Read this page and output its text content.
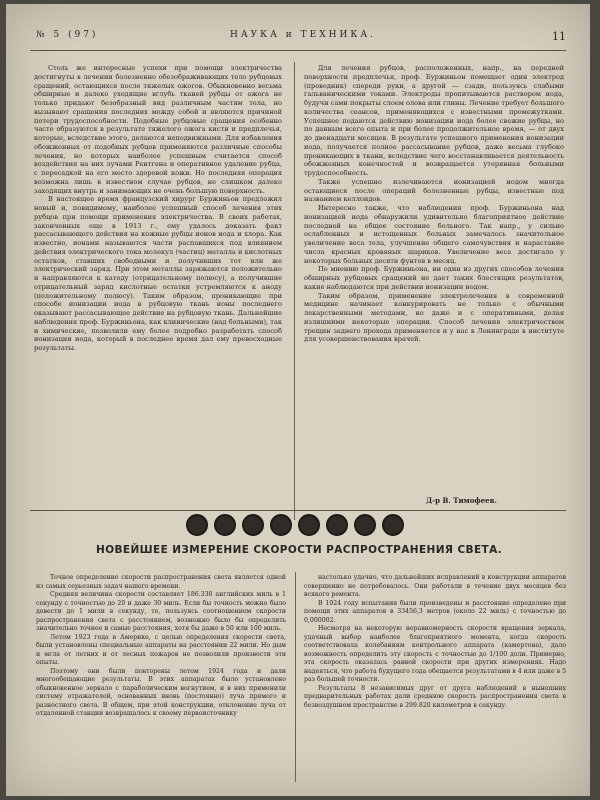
№ 5 (97)	НАУКА и ТЕХНИКА.	11

Столь же интересные успехи при помощи электричества достигнуты в лечении болезненно обезображивающих тело рубцовых сращений, остающихся после тяжелых ожогов. Обыкновенно весьма обширные и далеко уходящие вглубь тканей рубцы от ожога не только придают безобразный вид различным частям тела, но вызывают сращения последних между собой и являются причиной потери трудоспособности. Подобные рубцовые сращения особенно часто образуются в результате тяжелого ожога кисти и предплечья, которые, вследствие этого, делаются неподвижными. Для избавления обожженных от подобных рубцов применяются различные способы лечения, но которых наиболее успешным считается способ воздействия на них лучами Рентгена и оперативное удаление рубца, с пересадкой на его место здоровой кожи. Но последняя операция возможна лишь в известном случае рубцов, не слишком далеко заходящих внутрь и занимающих не очень большую поверхность.

В настоящее время французский хирург Буржиньон предложил новый и, повидимому, наиболее успешный способ лечения этих рубцов при помощи применения электричества. В своих работах, законченных еще в 1913 г., ему удалось доказать факт рассасывающего действия на кожные рубцы ионов иода и хлора. Как известно, ионами называются части распавшихся под влиянием действия электрического тока молекул (частиц) металла и кислотных остатков, ставших свободными и получивших тот или же электрический заряд. При этом металлы заряжаются положительно и направляются к катоду (отрицательному полюсу), а получившие отрицательный заряд кислотные остатки устремляются к аноду (положительному полюсу). Таким образом, проникающие при способе ионизации иода в рубцовую ткань ионы последнего оказывают рассасывающее действие на рубцовую ткань. Дальнейшие наблюдения проф. Буржиньона, как клинические (над больными), так и химические, позволили ему более подробно разработать способ ионизации иода, который в последнее время дал ему превосходные результаты.

Для лечения рубцов, расположенных, напр., на передней поверхности предплечья, проф. Буржиньон помещает один электрод (проводник) спереди руки, а другой — сзади, пользуясь слабыми гальваническими токами. Электроды пропитываются раствором иода, будучи сами покрыты слоем олова или глины. Лечение требует большого количества сеансов, применяющихся с известными промежутками. Успешнее подаются действию ионизации иода более свежие рубцы, но по данным всего опыта и при более продолжительное время, — от двух до двенадцати месяцев. В результате успешного применения ионизации иода, получается полное рассасывание рубцов, даже весьма глубоко проникающих в ткани, вследствие чего восстанавливается деятельность обожженных конечностей и возвращается утерянная больными трудоспособность.

Также успешно излечиваются ионизацией иодом многда остающиеся после операций болезненные рубцы, известные под названием келлоидов.

Интересно также, что наблюдения проф. Буржиньона над ионизацией иода обнаружили удивительно благоприятное действие последней на общее состояние больного. Так напр., у сильно ослабленных и истощенных больных замечалось значительное увеличение веса тела, улучшение общего самочувствия и нарастание числа красных кровяных шариков. Увеличение веса достигало у некоторых больных десяти фунтов в месяц.

По мнению проф. Буржиньона, ни один из других способов лечения обширных рубцовых сращений не дает таких блестящих результатов, какие наблюдаются при действии ионизации иодом.

Таким образом, применение электролечения в современной медицине начинает конкурировать не только с обычными лекарственными методами, но даже и с оперативными, делая излишними некоторые операции. Способ лечения электричеством трещин заднего прохода применяется и у нас в Ленинграде в институте для усовершенствования врачей.

Д-р В. Тимофеев.
НОВЕЙШЕЕ ИЗМЕРЕНИЕ СКОРОСТИ РАСПРОСТРАНЕНИЯ СВЕТА.

Точное определение скорости распространения света является одной из самых серьезных задач нашего времени.

Средняя величина скорости составляет 186.330 английских миль в 1 секунду с точностью до 20 и даже 30 миль. Если бы точность можно было довести до 1 мили в секунду, то, пользуясь соотношением скорости распространения света с расстоянием, возможно было бы определить значительно точнее и самые расстояния, хотя бы даже в 50 или 100 миль.

Летом 1923 года в Америке, с целью определения скорости света, были установлены специальные аппараты на расстоянии 22 мили. Но дым и мгла от летних и от лесных пожаров не позволили произвести эти опыты.

Поэтому они были повторены летом 1924 года и дали многообещающие результаты. В этих аппаратах было установлено обыкновенное зеркало с параболическим вогнутием, и в них применили систему отражателей, основанных вновь (постоянно) луча прямого и разностного света. В общем, при этой конструкции, отклонение луча от отдаленной станции возвращалось к своему первоисточнику

настолько удачно, что дальнейших исправлений в конструкции аппаратов совершенно не потребовалось. Они работали в течение двух месяцев без всякого ремонта.

В 1924 году испытания были произведены и расстояние определено при помощи этих аппаратов в 33456,3 метров (около 22 миль) с точностью до 0,000002.

Несмотря на некоторую неравномерность скорости вращения зеркала, удачный выбор наиболее благоприятного момента, когда скорость соответствовала колебаниям контрольного аппарата (камертона), дало возможность определить эту скорость с точностью до 1/100 доли. Примерно, эта скорость оказалась равной скорости при других измерениях. Надо надеяться, что работа будущего года обещается результатами в 4 или даже в 5 раз большей точности.

Результаты 8 независимых друг от друга наблюдений в нынешних предварительных работах дали среднюю скорость распространения света в безвоздушном пространстве в 299.820 километров в секунду.
